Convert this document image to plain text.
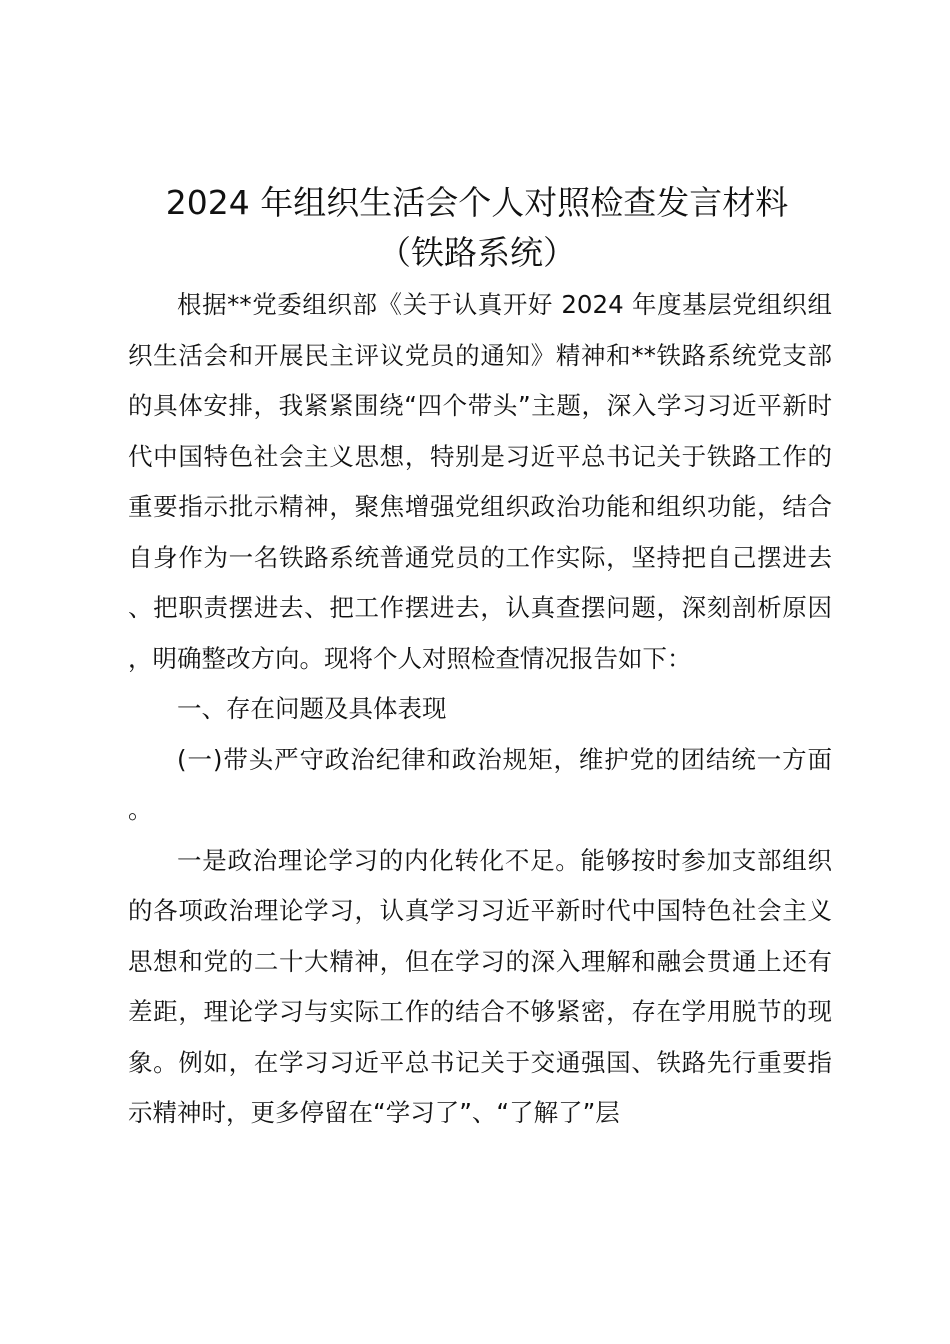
2024 年组织生活会个人对照检查发言材料
（铁路系统）

根据**党委组织部《关于认真开好 2024 年度基层党组织组织生活会和开展民主评议党员的通知》精神和**铁路系统党支部的具体安排，我紧紧围绕“四个带头”主题，深入学习习近平新时代中国特色社会主义思想，特别是习近平总书记关于铁路工作的重要指示批示精神，聚焦增强党组织政治功能和组织功能，结合自身作为一名铁路系统普通党员的工作实际，坚持把自己摆进去、把职责摆进去、把工作摆进去，认真查摆问题，深刻剖析原因，明确整改方向。现将个人对照检查情况报告如下：

一、存在问题及具体表现

(一)带头严守政治纪律和政治规矩，维护党的团结统一方面。

一是政治理论学习的内化转化不足。能够按时参加支部组织的各项政治理论学习，认真学习习近平新时代中国特色社会主义思想和党的二十大精神，但在学习的深入理解和融会贯通上还有差距，理论学习与实际工作的结合不够紧密，存在学用脱节的现象。例如，在学习习近平总书记关于交通强国、铁路先行重要指示精神时，更多停留在“学习了”、“了解了”层
